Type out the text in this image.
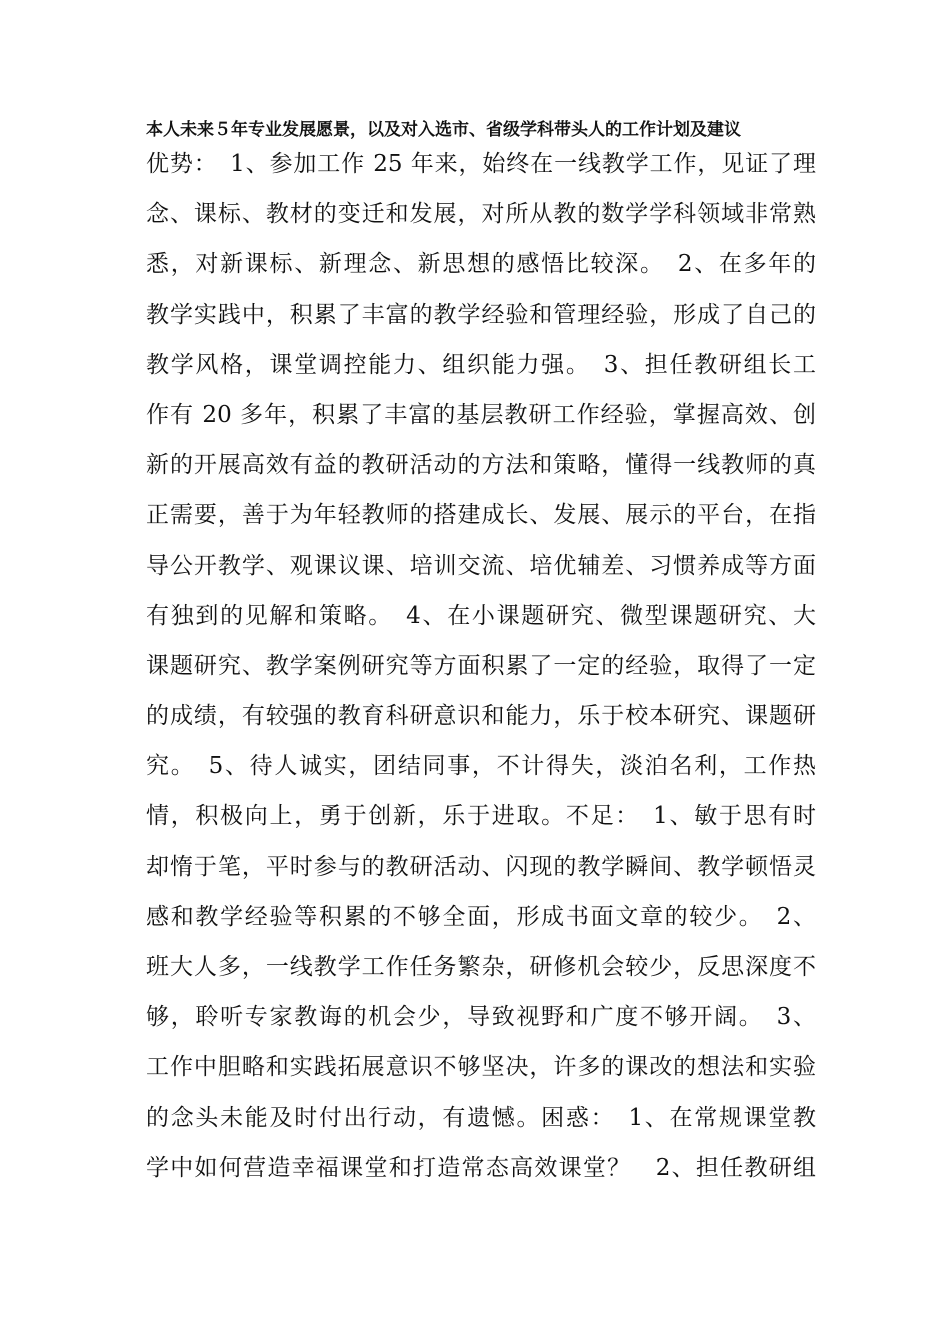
本人未来５年专业发展愿景，以及对入选市、省级学科带头人的工作计划及建议
优势：　1、参加工作 25 年来，始终在一线教学工作，见证了理
念、课标、教材的变迁和发展，对所从教的数学学科领域非常熟
悉，对新课标、新理念、新思想的感悟比较深。　2、在多年的
教学实践中，积累了丰富的教学经验和管理经验，形成了自己的
教学风格，课堂调控能力、组织能力强。　3、担任教研组长工
作有 20 多年，积累了丰富的基层教研工作经验，掌握高效、创
新的开展高效有益的教研活动的方法和策略，懂得一线教师的真
正需要，善于为年轻教师的搭建成长、发展、展示的平台，在指
导公开教学、观课议课、培训交流、培优辅差、习惯养成等方面
有独到的见解和策略。　4、在小课题研究、微型课题研究、大
课题研究、教学案例研究等方面积累了一定的经验，取得了一定
的成绩，有较强的教育科研意识和能力，乐于校本研究、课题研
究。　5、待人诚实，团结同事，不计得失，淡泊名利，工作热
情，积极向上，勇于创新，乐于进取。不足：　1、敏于思有时
却惰于笔，平时参与的教研活动、闪现的教学瞬间、教学顿悟灵
感和教学经验等积累的不够全面，形成书面文章的较少。　2、
班大人多，一线教学工作任务繁杂，研修机会较少，反思深度不
够，聆听专家教诲的机会少，导致视野和广度不够开阔。　3、
工作中胆略和实践拓展意识不够坚决，许多的课改的想法和实验
的念头未能及时付出行动，有遗憾。困惑：　1、在常规课堂教
学中如何营造幸福课堂和打造常态高效课堂？　2、担任教研组
